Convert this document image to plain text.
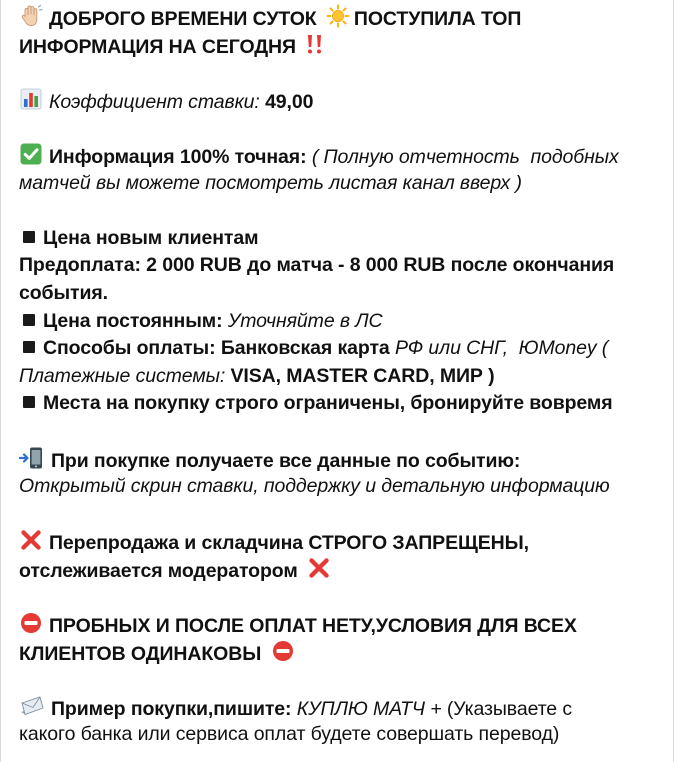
ДОБРОГО ВРЕМЕНИ СУТОК ПОСТУПИЛА ТОП
ИНФОРМАЦИЯ НА СЕГОДНЯ
Коэффициент ставки: 49,00
Информация 100% точная: ( Полную отчетность  подобных
матчей вы можете посмотреть листая канал вверх )
Цена новым клиентам
Предоплата: 2 000 RUB до матча - 8 000 RUB после окончания
события.
Цена постоянным: Уточняйте в ЛС
Способы оплаты: Банковская карта РФ или СНГ,  ЮMoney (
Платежные системы: VISA, MASTER CARD, МИР )
Места на покупку строго ограничены, бронируйте вовремя
При покупке получаете все данные по событию:
Открытый скрин ставки, поддержку и детальную информацию
Перепродажа и складчина СТРОГО ЗАПРЕЩЕНЫ,
отслеживается модератором
ПРОБНЫХ И ПОСЛЕ ОПЛАТ НЕТУ,УСЛОВИЯ ДЛЯ ВСЕХ
КЛИЕНТОВ ОДИНАКОВЫ
Пример покупки,пишите: КУПЛЮ МАТЧ + (Указываете с
какого банка или сервиса оплат будете совершать перевод)
